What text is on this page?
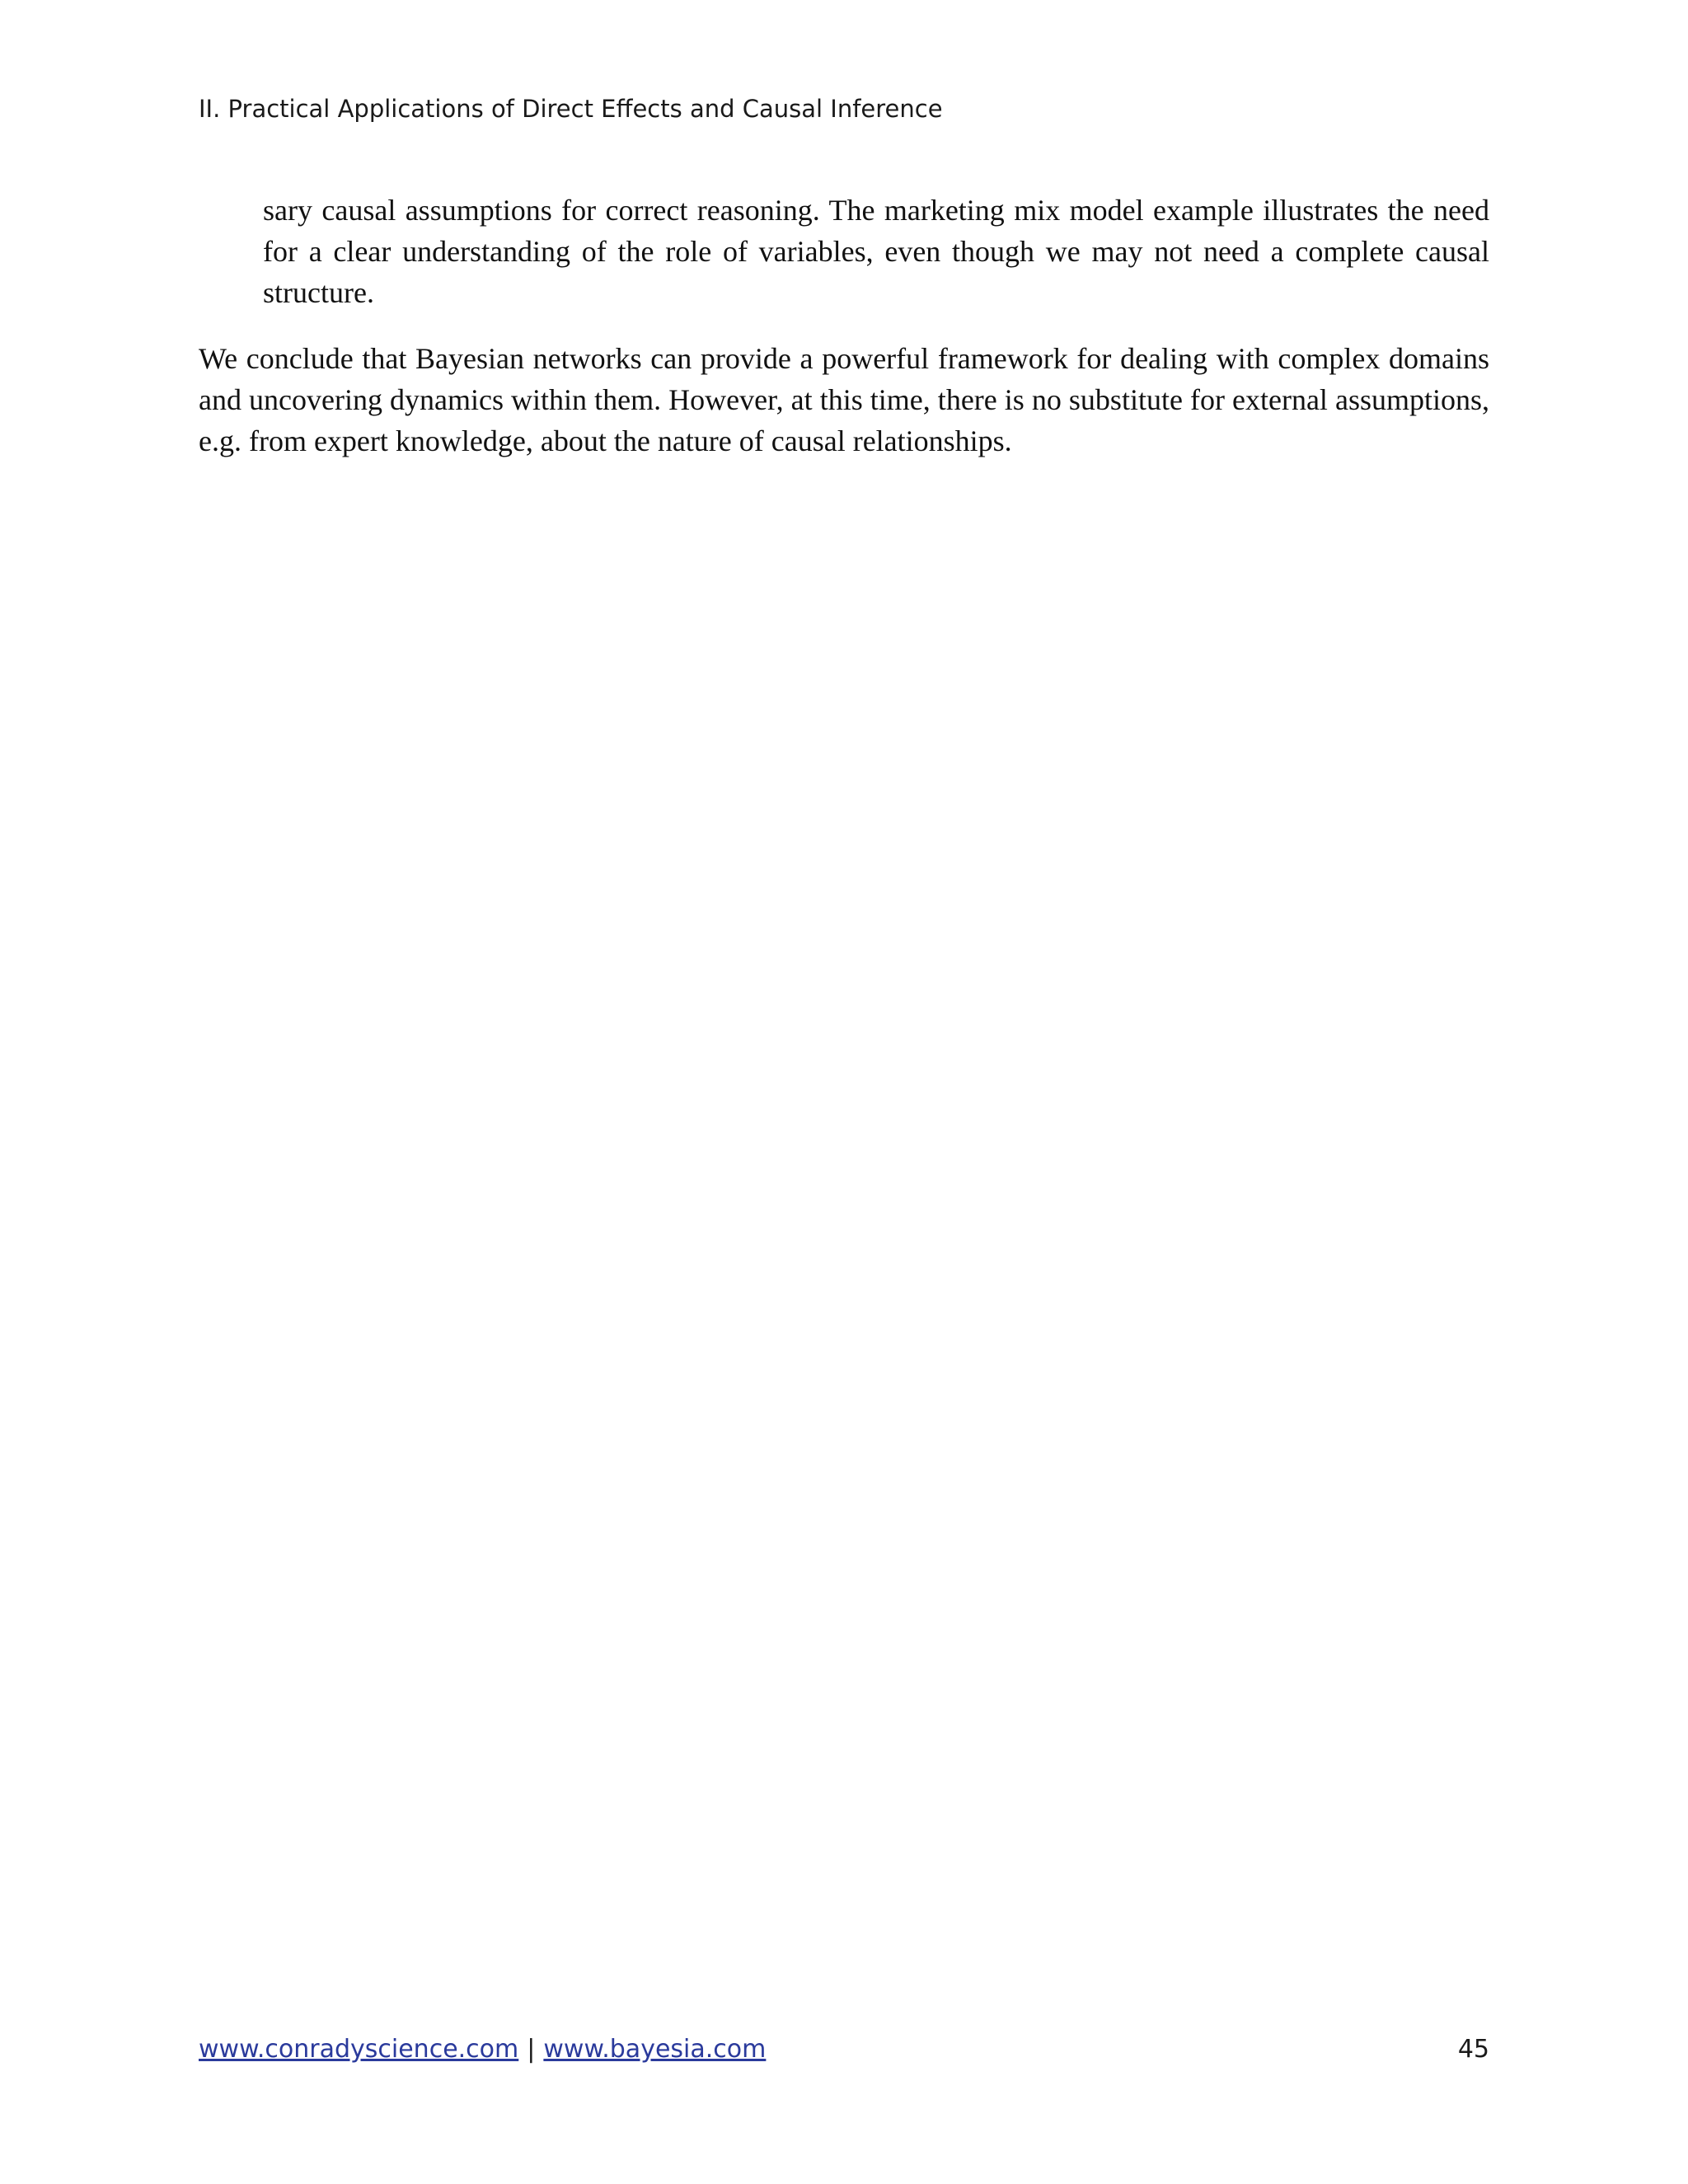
II. Practical Applications of Direct Effects and Causal Inference

sary causal assumptions for correct reasoning. The marketing mix model example illustrates the need for a clear understanding of the role of variables, even though we may not need a complete causal structure.

We conclude that Bayesian networks can provide a powerful framework for dealing with complex domains and uncovering dynamics within them. However, at this time, there is no substitute for external assumptions, e.g. from expert knowledge, about the nature of causal relationships.

www.conradyscience.com | www.bayesia.com	45
